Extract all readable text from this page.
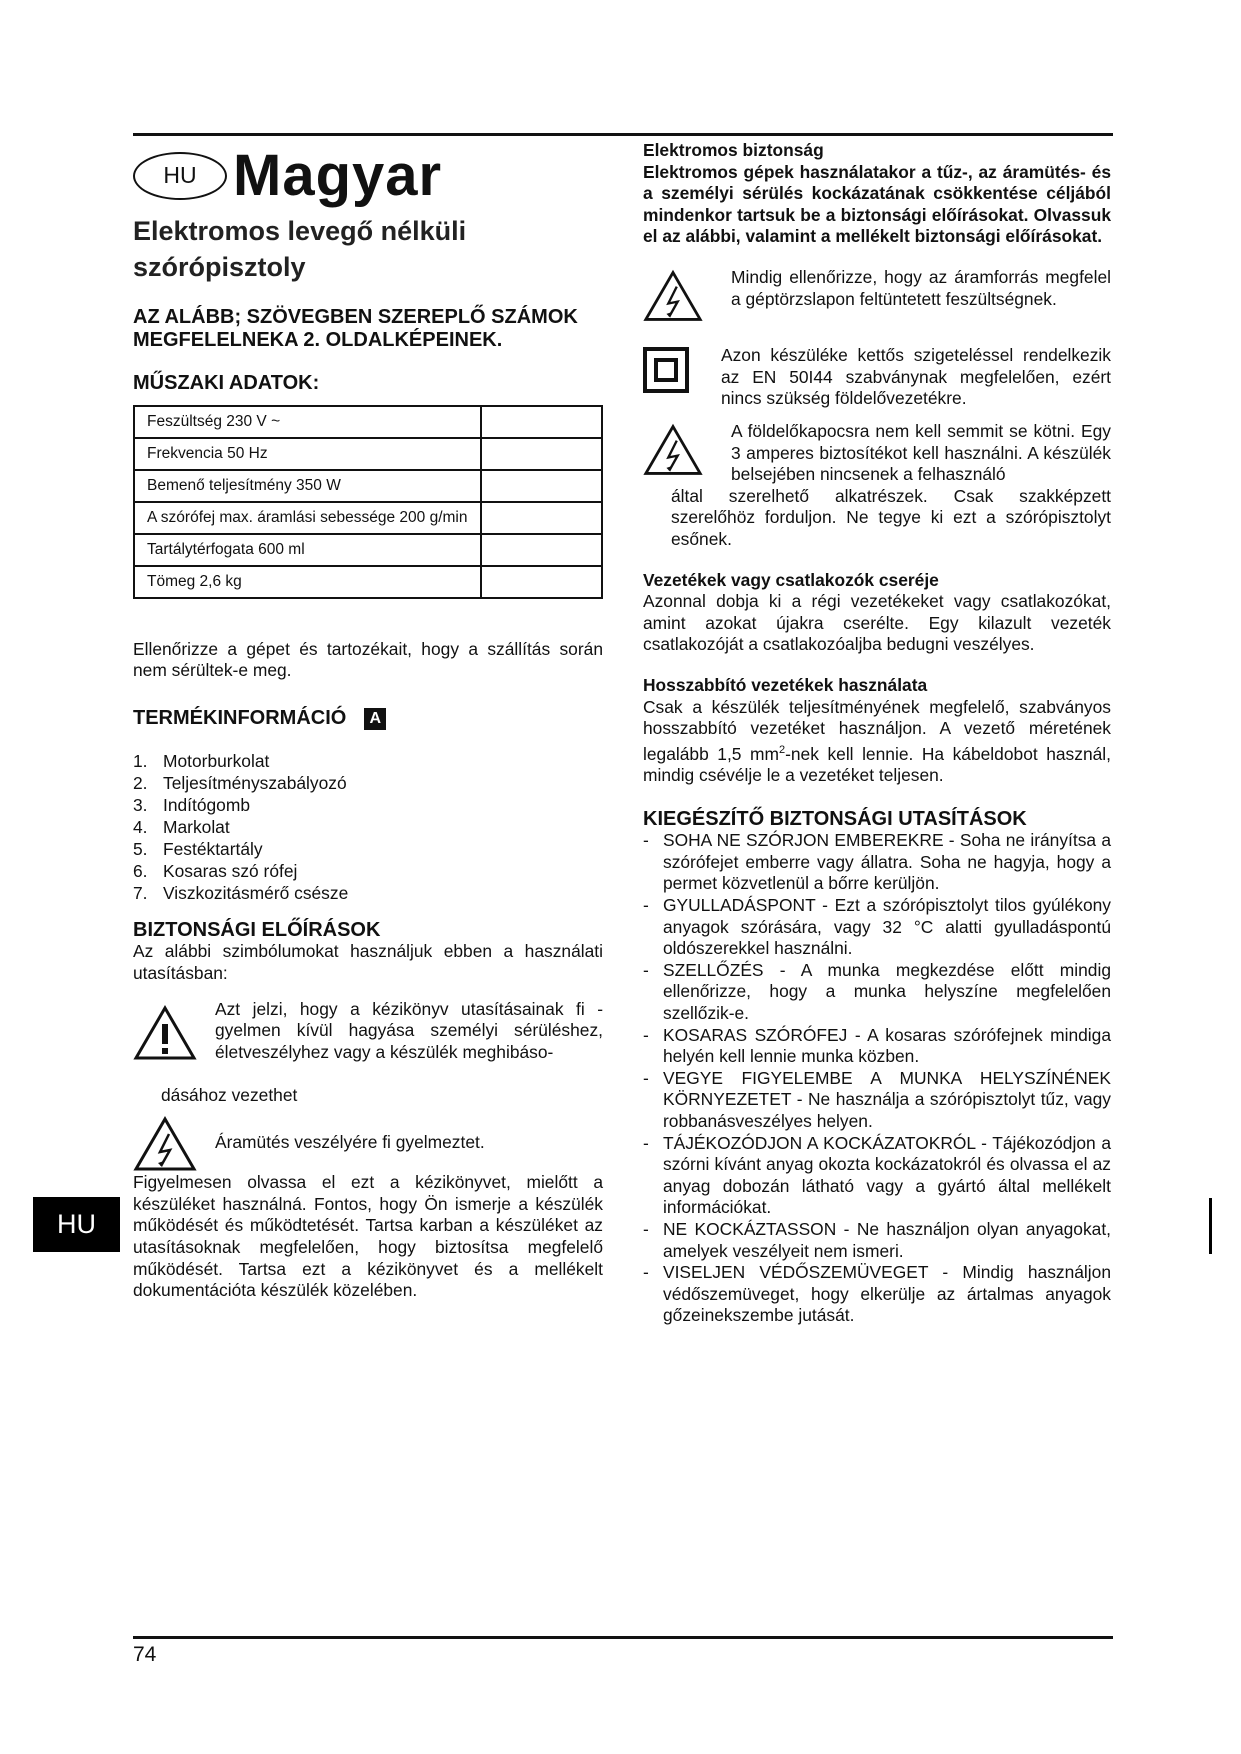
HU Magyar
Elektromos levegő nélküli szórópisztoly
AZ ALÁBB; SZÖVEGBEN SZEREPLŐ SZÁMOK MEGFELELNEKA 2. OLDALKÉPEINEK.
MŰSZAKI ADATOK:
Feszültség 230 V ~	
Frekvencia 50 Hz	
Bemenő teljesítmény 350 W	
A szórófej max. áramlási sebessége 200 g/min	
Tartálytérfogata 600 ml	
Tömeg 2,6 kg	

Ellenőrizze a gépet és tartozékait, hogy a szállítás során nem sérültek-e meg.

TERMÉKINFORMÁCIÓ	A
1. Motorburkolat
2. Teljesítményszabályozó
3. Indítógomb
4. Markolat
5. Festéktartály
6. Kosaras szó rófej
7. Viszkozitásmérő csésze
BIZTONSÁGI ELŐÍRÁSOK

Az alábbi szimbólumokat használjuk ebben a használati utasításban:

Azt jelzi, hogy a kézikönyv utasításainak fi - gyelmen kívül hagyása személyi sérüléshez, életveszélyhez vagy a készülék meghibáso-

dásához vezethet

Áramütés veszélyére fi gyelmeztet.

Figyelmesen olvassa el ezt a kézikönyvet, mielőtt a készüléket használná. Fontos, hogy Ön ismerje a készülék működését és működtetését. Tartsa karban a készüléket az utasításoknak megfelelően, hogy biztosítsa megfelelő működését. Tartsa ezt a kézikönyvet és a mellékelt dokumentációta készülék közelében.

Elektromos biztonság

Elektromos gépek használatakor a tűz-, az áramütés- és a személyi sérülés kockázatának csökkentése céljából mindenkor tartsuk be a biztonsági előírásokat. Olvassuk el az alábbi, valamint a mellékelt biztonsági előírásokat.

Mindig ellenőrizze, hogy az áramforrás megfelel a géptörzslapon feltüntetett feszültségnek.

Azon készüléke kettős szigeteléssel rendelkezik az EN 50I44 szabványnak megfelelően, ezért nincs szükség földelővezetékre.

A földelőkapocsra nem kell semmit se kötni. Egy 3 amperes biztosítékot kell használni. A készülék belsejében nincsenek a felhasználó

által szerelhető alkatrészek. Csak szakképzett szerelőhöz forduljon. Ne tegye ki ezt a szórópisztolyt esőnek.

Vezetékek vagy csatlakozók cseréje

Azonnal dobja ki a régi vezetékeket vagy csatlakozókat, amint azokat újakra cserélte. Egy kilazult vezeték csatlakozóját a csatlakozóaljba bedugni veszélyes.

Hosszabbító vezetékek használata

Csak a készülék teljesítményének megfelelő, szabványos hosszabbító vezetéket használjon. A vezető méretének legalább 1,5 $mm^2$-nek kell lennie. Ha kábeldobot használ, mindig csévélje le a vezetéket teljesen.

KIEGÉSZÍTŐ BIZTONSÁGI UTASÍTÁSOK
- SOHA NE SZÓRJON EMBEREKRE - Soha ne irányítsa a szórófejet emberre vagy állatra. Soha ne hagyja, hogy a permet közvetlenül a bőrre kerüljön.
- GYULLADÁSPONT - Ezt a szórópisztolyt tilos gyúlékony anyagok szórására, vagy 32 °C alatti gyulladáspontú oldószerekkel használni.
- SZELLŐZÉS - A munka megkezdése előtt mindig ellenőrizze, hogy a munka helyszíne megfelelően szellőzik-e.
- KOSARAS SZÓRÓFEJ - A kosaras szórófejnek mindiga helyén kell lennie munka közben.
- VEGYE FIGYELEMBE A MUNKA HELYSZÍNÉNEK KÖRNYEZETET - Ne használja a szórópisztolyt tűz, vagy robbanásveszélyes helyen.
- TÁJÉKOZÓDJON A KOCKÁZATOKRÓL - Tájékozódjon a szórni kívánt anyag okozta kockázatokról és olvassa el az anyag dobozán látható vagy a gyártó által mellékelt információkat.
- NE KOCKÁZTASSON - Ne használjon olyan anyagokat, amelyek veszélyeit nem ismeri.
- VISELJEN VÉDŐSZEMÜVEGET - Mindig használjon védőszemüveget, hogy elkerülje az ártalmas anyagok gőzeinekszembe jutását.
HU
74
